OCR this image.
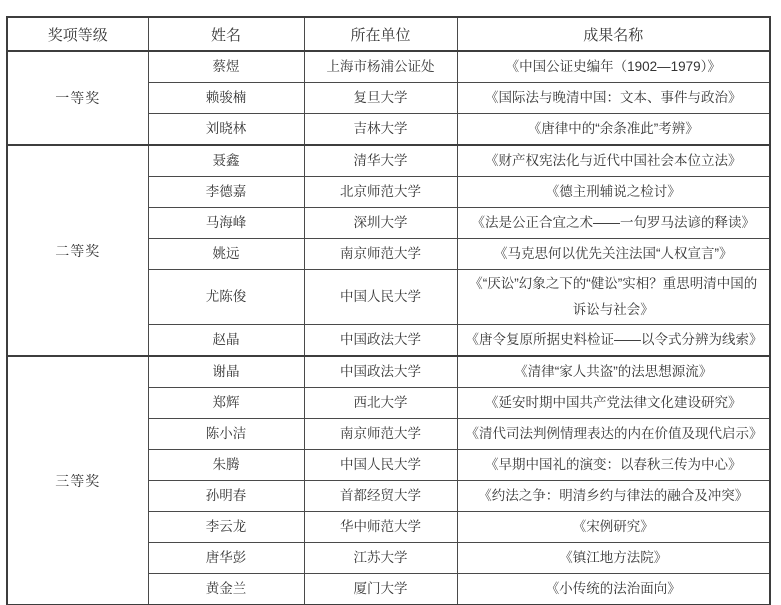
奖项等级	姓名	所在单位	成果名称
一等奖	蔡煜	上海市杨浦公证处	《中国公证史编年（1902—1979）》
	赖骏楠	复旦大学	《国际法与晚清中国：文本、事件与政治》
	刘晓林	吉林大学	《唐律中的“余条准此”考辨》
二等奖	聂鑫	清华大学	《财产权宪法化与近代中国社会本位立法》
	李德嘉	北京师范大学	《德主刑辅说之检讨》
	马海峰	深圳大学	《法是公正合宜之术——一句罗马法谚的释读》
	姚远	南京师范大学	《马克思何以优先关注法国“人权宣言”》
	尤陈俊	中国人民大学	《“厌讼”幻象之下的“健讼”实相？重思明清中国的诉讼与社会》
	赵晶	中国政法大学	《唐令复原所据史料检证——以令式分辨为线索》
三等奖	谢晶	中国政法大学	《清律“家人共盗”的法思想源流》
	郑辉	西北大学	《延安时期中国共产党法律文化建设研究》
	陈小洁	南京师范大学	《清代司法判例情理表达的内在价值及现代启示》
	朱腾	中国人民大学	《早期中国礼的演变：以春秋三传为中心》
	孙明春	首都经贸大学	《约法之争：明清乡约与律法的融合及冲突》
	李云龙	华中师范大学	《宋例研究》
	唐华彭	江苏大学	《镇江地方法院》
	黄金兰	厦门大学	《小传统的法治面向》
